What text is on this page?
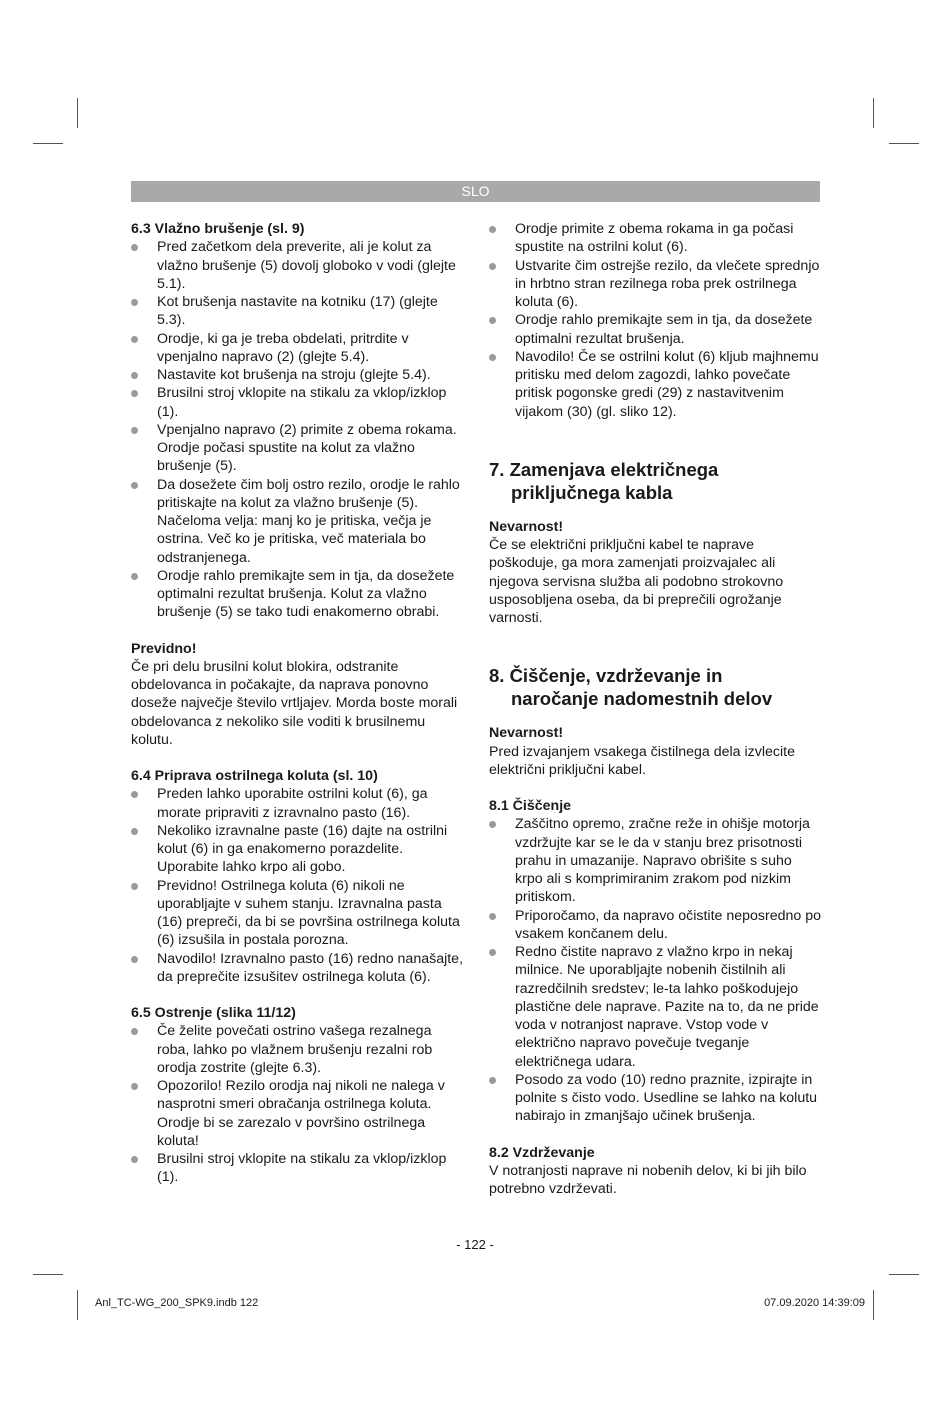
SLO
6.3 Vlažno brušenje (sl. 9)
Pred začetkom dela preverite, ali je kolut za vlažno brušenje (5) dovolj globoko v vodi (glejte 5.1).
Kot brušenja nastavite na kotniku (17) (glejte 5.3).
Orodje, ki ga je treba obdelati, pritrdite v vpenjalno napravo (2) (glejte 5.4).
Nastavite kot brušenja na stroju (glejte 5.4).
Brusilni stroj vklopite na stikalu za vklop/izklop (1).
Vpenjalno napravo (2) primite z obema rokama. Orodje počasi spustite na kolut za vlažno brušenje (5).
Da dosežete čim bolj ostro rezilo, orodje le rahlo pritiskajte na kolut za vlažno brušenje (5). Načeloma velja: manj ko je pritiska, večja je ostrina. Več ko je pritiska, več materiala bo odstranjenega.
Orodje rahlo premikajte sem in tja, da dosežete optimalni rezultat brušenja. Kolut za vlažno brušenje (5) se tako tudi enakomerno obrabi.
Previdno!

Če pri delu brusilni kolut blokira, odstranite obdelovanca in počakajte, da naprava ponovno doseže največje število vrtljajev. Morda boste morali obdelovanca z nekoliko sile voditi k brusilnemu kolutu.

6.4 Priprava ostrilnega koluta (sl. 10)
Preden lahko uporabite ostrilni kolut (6), ga morate pripraviti z izravnalno pasto (16).
Nekoliko izravnalne paste (16) dajte na ostrilni kolut (6) in ga enakomerno porazdelite. Uporabite lahko krpo ali gobo.
Previdno! Ostrilnega koluta (6) nikoli ne uporabljajte v suhem stanju. Izravnalna pasta (16) prepreči, da bi se površina ostrilnega koluta (6) izsušila in postala porozna.
Navodilo! Izravnalno pasto (16) redno nanašajte, da preprečite izsušitev ostrilnega koluta (6).
6.5 Ostrenje (slika 11/12)
Če želite povečati ostrino vašega rezalnega roba, lahko po vlažnem brušenju rezalni rob orodja zostrite (glejte 6.3).
Opozorilo! Rezilo orodja naj nikoli ne nalega v nasprotni smeri obračanja ostrilnega koluta. Orodje bi se zarezalo v površino ostrilnega koluta!
Brusilni stroj vklopite na stikalu za vklop/izklop (1).
Orodje primite z obema rokama in ga počasi spustite na ostrilni kolut (6).
Ustvarite čim ostrejše rezilo, da vlečete sprednjo in hrbtno stran rezilnega roba prek ostrilnega koluta (6).
Orodje rahlo premikajte sem in tja, da dosežete optimalni rezultat brušenja.
Navodilo! Če se ostrilni kolut (6) kljub majhnemu pritisku med delom zagozdi, lahko povečate pritisk pogonske gredi (29) z nastavitvenim vijakom (30) (gl. sliko 12).
7. Zamenjava električnega
priključnega kabla
Nevarnost!

Če se električni priključni kabel te naprave poškoduje, ga mora zamenjati proizvajalec ali njegova servisna služba ali podobno strokovno usposobljena oseba, da bi preprečili ogrožanje varnosti.

8. Čiščenje, vzdrževanje in
naročanje nadomestnih delov
Nevarnost!

Pred izvajanjem vsakega čistilnega dela izvlecite električni priključni kabel.

8.1 Čiščenje
Zaščitno opremo, zračne reže in ohišje motorja vzdržujte kar se le da v stanju brez prisotnosti prahu in umazanije. Napravo obrišite s suho krpo ali s komprimiranim zrakom pod nizkim pritiskom.
Priporočamo, da napravo očistite neposredno po vsakem končanem delu.
Redno čistite napravo z vlažno krpo in nekaj milnice. Ne uporabljajte nobenih čistilnih ali razredčilnih sredstev; le-ta lahko poškodujejo plastične dele naprave. Pazite na to, da ne pride voda v notranjost naprave. Vstop vode v električno napravo povečuje tveganje električnega udara.
Posodo za vodo (10) redno praznite, izpirajte in polnite s čisto vodo. Usedline se lahko na kolutu nabirajo in zmanjšajo učinek brušenja.
8.2 Vzdrževanje

V notranjosti naprave ni nobenih delov, ki bi jih bilo potrebno vzdrževati.

- 122 -
Anl_TC-WG_200_SPK9.indb 122	07.09.2020 14:39:09
